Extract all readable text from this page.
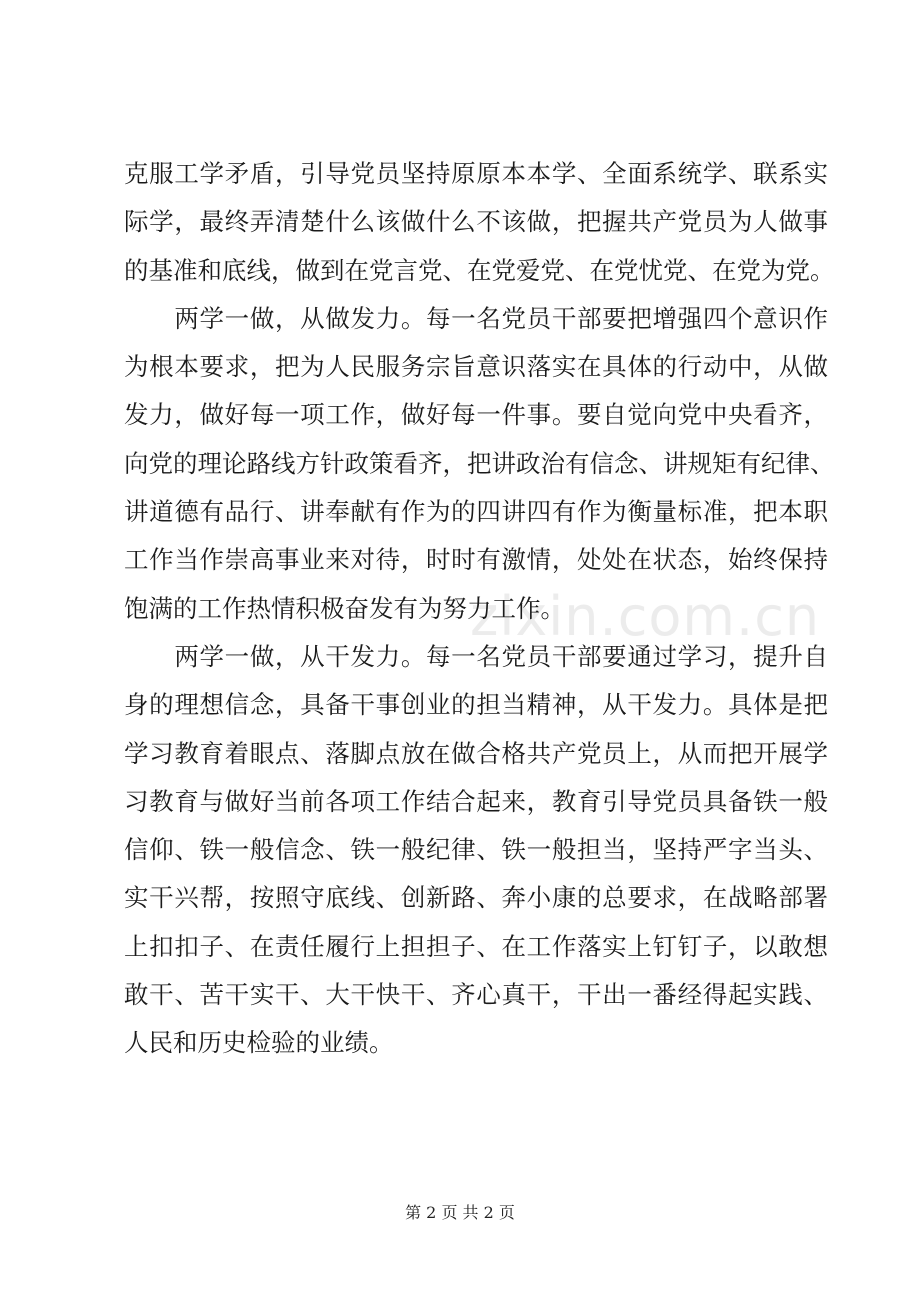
zixin.com.cn
克服工学矛盾，引导党员坚持原原本本学、全面系统学、联系实
际学，最终弄清楚什么该做什么不该做，把握共产党员为人做事
的基准和底线，做到在党言党、在党爱党、在党忧党、在党为党。
　　两学一做，从做发力。每一名党员干部要把增强四个意识作
为根本要求，把为人民服务宗旨意识落实在具体的行动中，从做
发力，做好每一项工作，做好每一件事。要自觉向党中央看齐，
向党的理论路线方针政策看齐，把讲政治有信念、讲规矩有纪律、
讲道德有品行、讲奉献有作为的四讲四有作为衡量标准，把本职
工作当作崇高事业来对待，时时有激情，处处在状态，始终保持
饱满的工作热情积极奋发有为努力工作。
　　两学一做，从干发力。每一名党员干部要通过学习，提升自
身的理想信念，具备干事创业的担当精神，从干发力。具体是把
学习教育着眼点、落脚点放在做合格共产党员上，从而把开展学
习教育与做好当前各项工作结合起来，教育引导党员具备铁一般
信仰、铁一般信念、铁一般纪律、铁一般担当，坚持严字当头、
实干兴帮，按照守底线、创新路、奔小康的总要求，在战略部署
上扣扣子、在责任履行上担担子、在工作落实上钉钉子，以敢想
敢干、苦干实干、大干快干、齐心真干，干出一番经得起实践、
人民和历史检验的业绩。
第 2 页 共 2 页
